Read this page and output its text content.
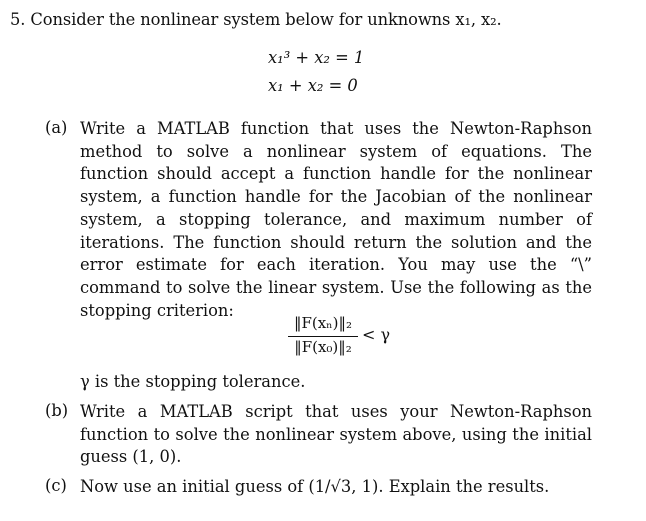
5. Consider the nonlinear system below for unknowns x₁, x₂.
x₁³ + x₂ = 1
x₁ + x₂ = 0
(a) Write a MATLAB function that uses the Newton-Raphson method to solve a nonlinear system of equations. The function should accept a function handle for the nonlinear system, a function handle for the Jacobian of the nonlinear system, a stopping tolerance, and maximum number of iterations. The function should return the solution and the error estimate for each iteration. You may use the “\” command to solve the linear system. Use the following as the stopping criterion:
‖F(xₙ)‖₂
‖F(x₀)‖₂
< γ
γ is the stopping tolerance.
(b) Write a MATLAB script that uses your Newton-Raphson function to solve the nonlinear system above, using the initial guess (1, 0).
(c) Now use an initial guess of (1/√3, 1). Explain the results.
